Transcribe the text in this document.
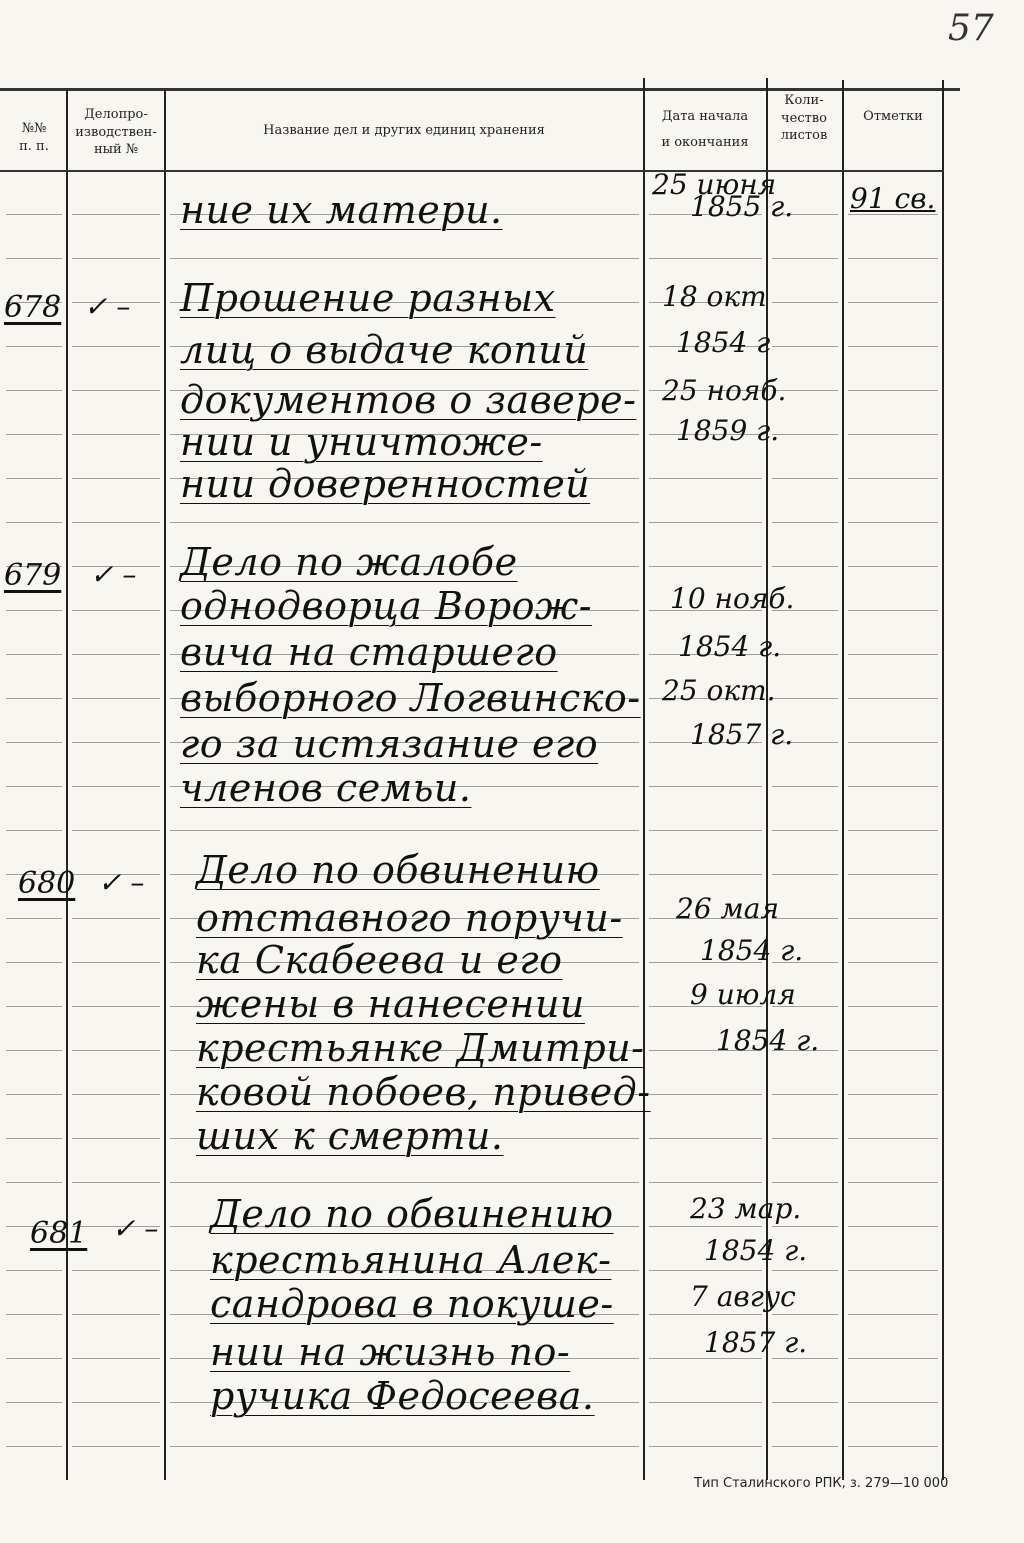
57
№№
п. п.
Делопро-
изводствен-
ный №
Название дел и других единиц хранения
Дата начала
и окончания
Коли-
чество
листов
Отметки
ние их матери.
25 июня
1855 г. 91 св.
678 ✓ – Прошение разных
лиц о выдаче копий
документов о завере-
нии и уничтоже-
нии доверенностей
18 окт
1854 г
25 нояб.
1859 г.
679 ✓ – Дело по жалобе
однодворца Ворож-
вича на старшего
выборного Логвинско-
го за истязание его
членов семьи.
10 нояб.
1854 г.
25 окт.
1857 г.
680 ✓ – Дело по обвинению
отставного поручи-
ка Скабеева и его
жены в нанесении
крестьянке Дмитри-
ковой побоев, привед-
ших к смерти.
26 мая
1854 г.
9 июля
1854 г.
681 ✓ – Дело по обвинению
крестьянина Алек-
сандрова в покуше-
нии на жизнь по-
ручика Федосеева.
23 мар.
1854 г.
7 авгус
1857 г.
Тип Сталинского РПК, з. 279—10 000
